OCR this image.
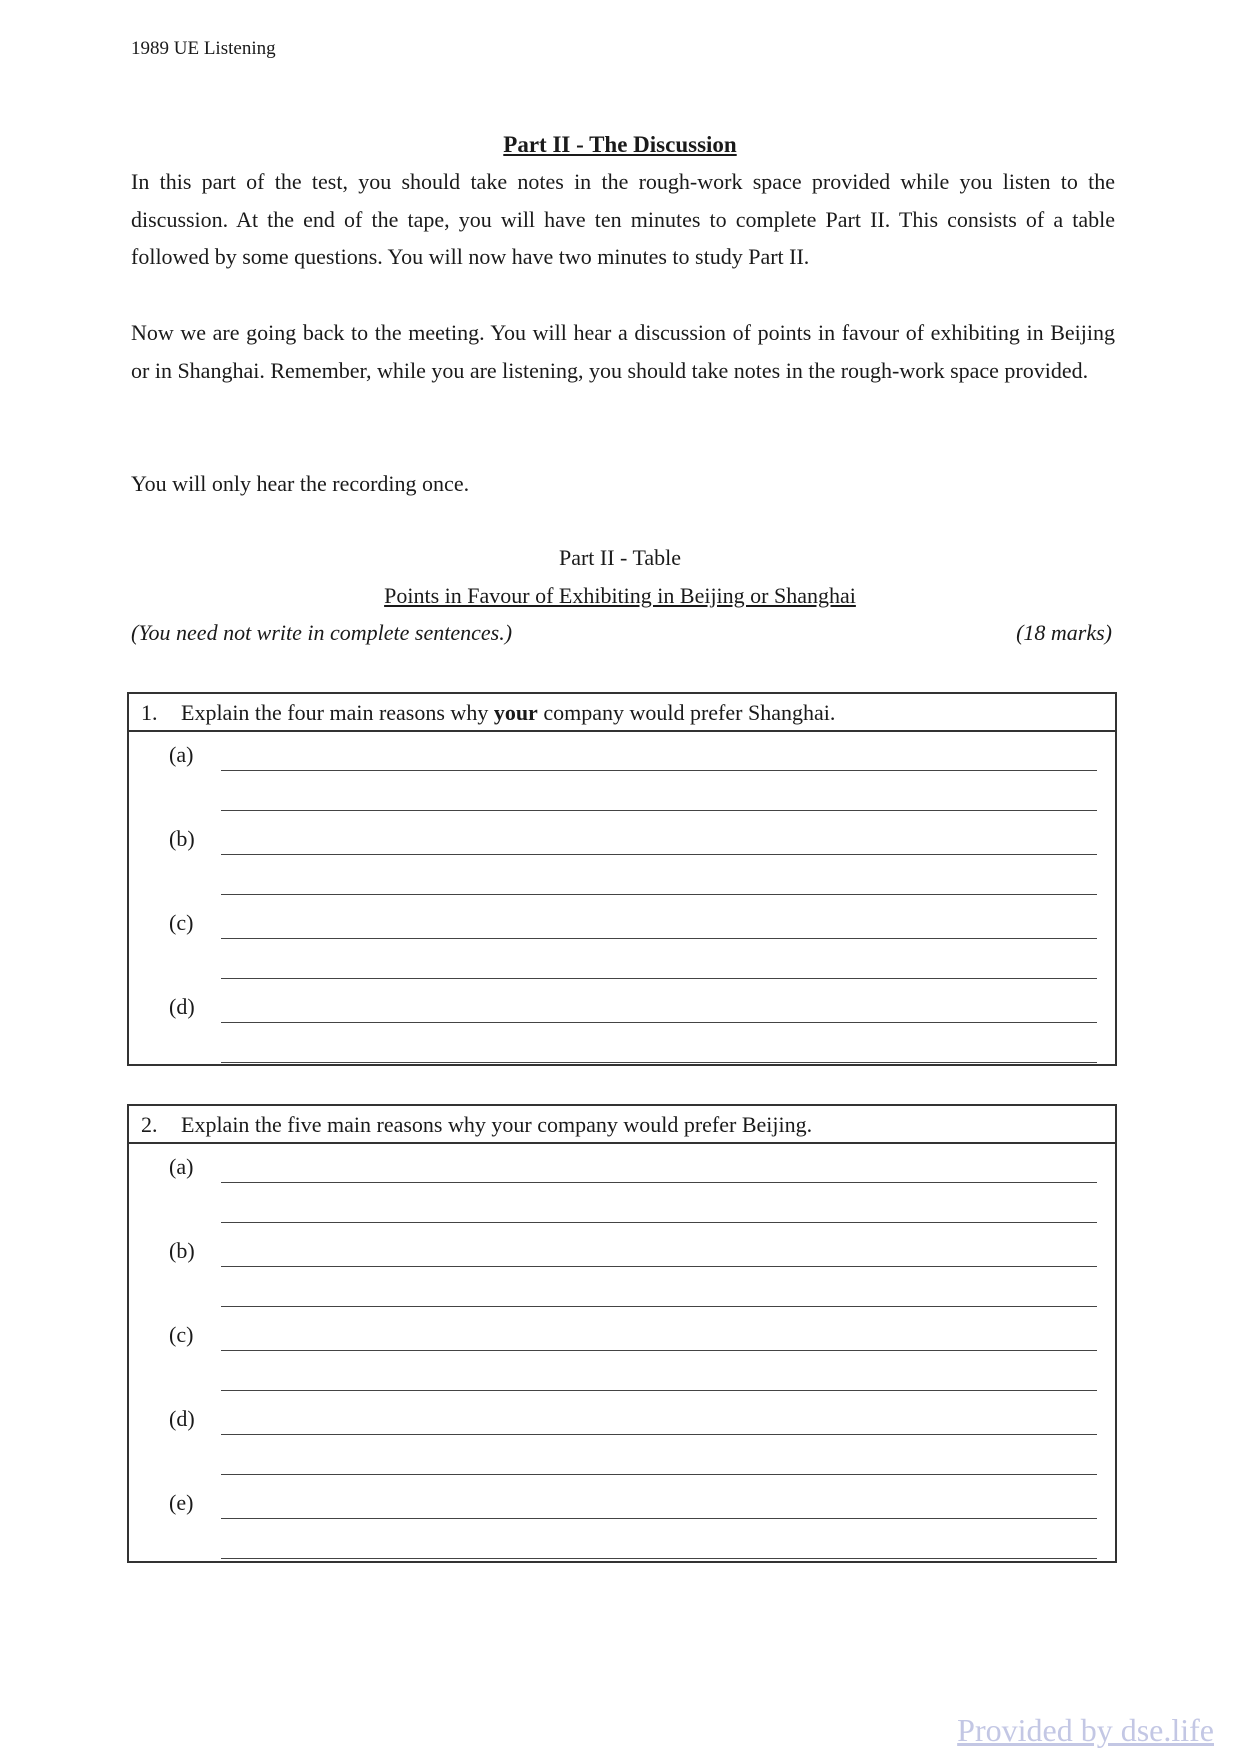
1989 UE Listening
Part II - The Discussion

In this part of the test, you should take notes in the rough-work space provided while you listen to the discussion. At the end of the tape, you will have ten minutes to complete Part II. This consists of a table followed by some questions. You will now have two minutes to study Part II.

Now we are going back to the meeting. You will hear a discussion of points in favour of exhibiting in Beijing or in Shanghai. Remember, while you are listening, you should take notes in the rough-work space provided.

You will only hear the recording once.

Part II - Table
Points in Favour of Exhibiting in Beijing or Shanghai
(You need not write in complete sentences.)	(18 marks)
1. Explain the four main reasons why your company would prefer Shanghai.
(a)
(b)
(c)
(d)
2. Explain the five main reasons why your company would prefer Beijing.
(a)
(b)
(c)
(d)
(e)
Provided by dse.life
